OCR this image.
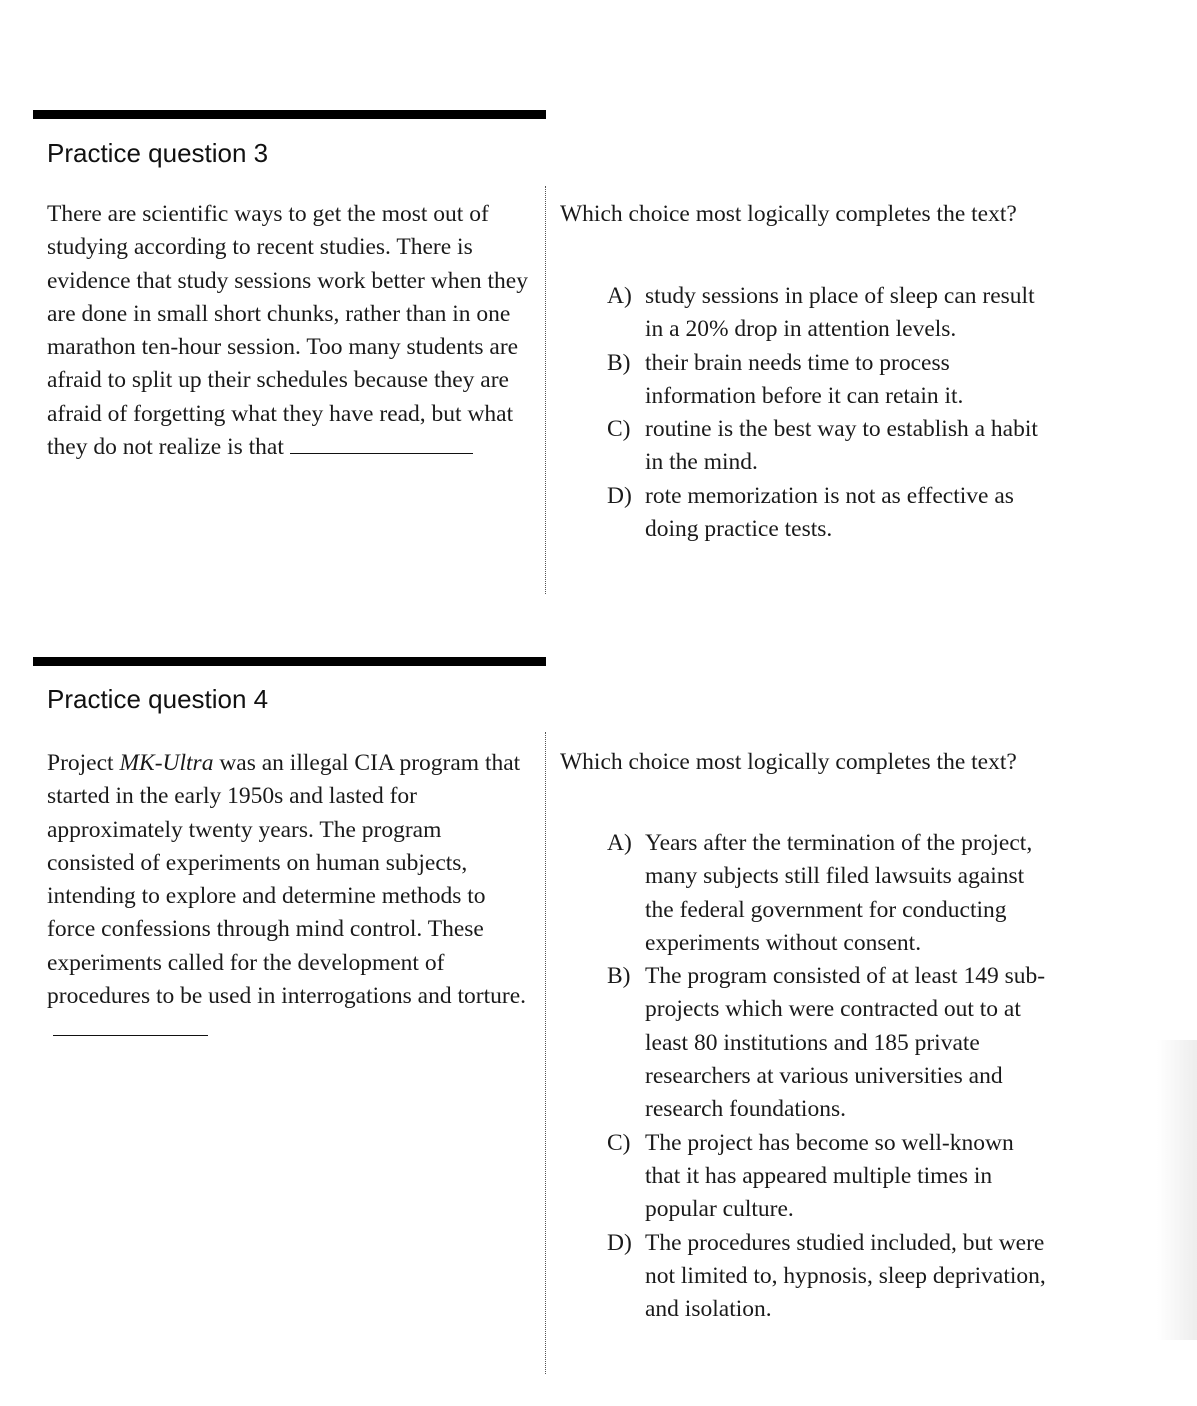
Practice question 3
There are scientific ways to get the most out of studying according to recent studies. There is evidence that study sessions work better when they are done in small short chunks, rather than in one marathon ten-hour session. Too many students are afraid to split up their schedules because they are afraid of forgetting what they have read, but what they do not realize is that
Which choice most logically completes the text?
A) study sessions in place of sleep can result in a 20% drop in attention levels.
B) their brain needs time to process information before it can retain it.
C) routine is the best way to establish a habit in the mind.
D) rote memorization is not as effective as doing practice tests.
Practice question 4
Project MK-Ultra was an illegal CIA program that started in the early 1950s and lasted for approximately twenty years. The program consisted of experiments on human subjects, intending to explore and determine methods to force confessions through mind control. These experiments called for the development of procedures to be used in interrogations and torture.
Which choice most logically completes the text?
A) Years after the termination of the project, many subjects still filed lawsuits against the federal government for conducting experiments without consent.
B) The program consisted of at least 149 sub-projects which were contracted out to at least 80 institutions and 185 private researchers at various universities and research foundations.
C) The project has become so well-known that it has appeared multiple times in popular culture.
D) The procedures studied included, but were not limited to, hypnosis, sleep deprivation, and isolation.
